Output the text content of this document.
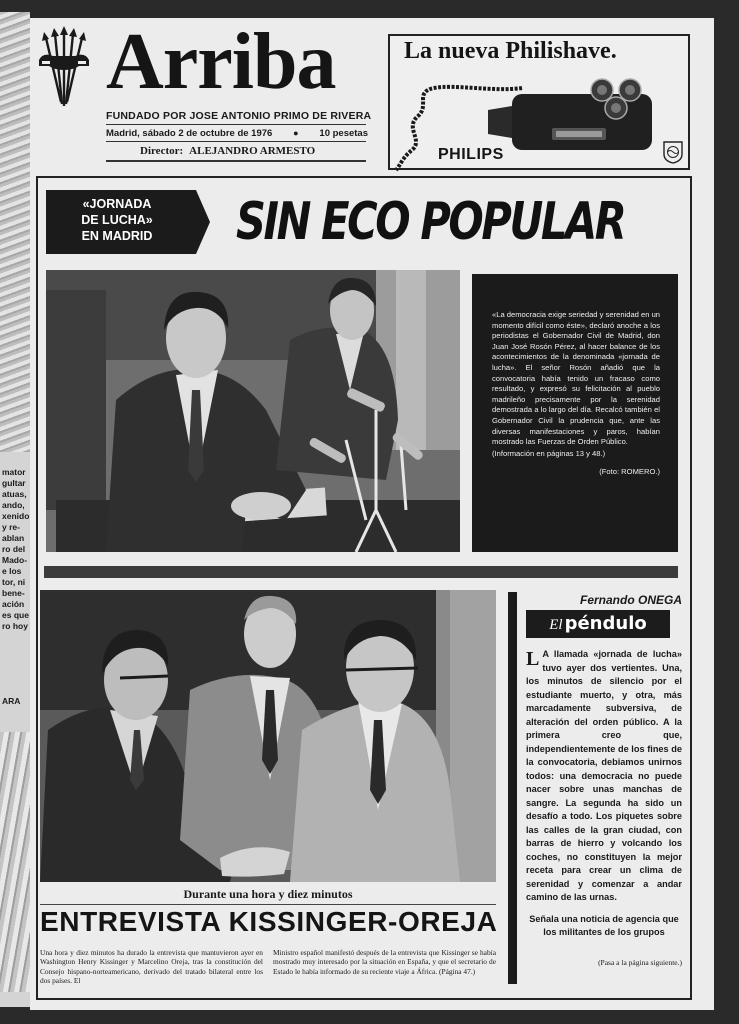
mator
gultar
atuas,
ando,
xenido
y re-
ablan
ro del
Mado-
e los
tor, ni
bene-
ación
es que
ro hoy
ARA
Arriba
FUNDADO POR JOSE ANTONIO PRIMO DE RIVERA
Madrid, sábado 2 de octubre de 1976 ● 10 pesetas
Director: ALEJANDRO ARMESTO
La nueva Philishave.
PHILIPS
«JORNADA
DE LUCHA»
EN MADRID	SIN ECO POPULAR
«La democracia exige seriedad y serenidad en un momento difícil como éste», declaró anoche a los periodistas el Gobernador Civil de Madrid, don Juan José Rosón Pérez, al hacer balance de los acontecimientos de la denominada «jornada de lucha». El señor Rosón añadió que la convocatoria había tenido un fracaso como resultado, y expresó su felicitación al pueblo madrileño precisamente por la serenidad demostrada a lo largo del día. Recalcó también el Gobernador Civil la prudencia que, ante las diversas manifestaciones y paros, habían mostrado las Fuerzas de Orden Público.
(Información en páginas 13 y 48.)
(Foto: ROMERO.)
Durante una hora y diez minutos
ENTREVISTA KISSINGER-OREJA
Una hora y diez minutos ha durado la entrevista que mantuvieron ayer en Washington Henry Kissinger y Marcelino Oreja, tras la constitución del Consejo hispano-norteamericano, derivado del tratado bilateral entre los dos países. El
Ministro español manifestó después de la entrevista que Kissinger se había mostrado muy interesado por la situación en España, y que el secretario de Estado le había informado de su reciente viaje a África. (Página 47.)
Fernando ONEGA
El péndulo
L A llamada «jornada de lucha» tuvo ayer dos vertientes. Una, los minutos de silencio por el estudiante muerto, y otra, más marcadamente subversiva, de alteración del orden público. A la primera creo que, independientemente de los fines de la convocatoria, debiamos unirnos todos: una democracia no puede nacer sobre unas manchas de sangre. La segunda ha sido un desafío a todo. Los piquetes sobre las calles de la gran ciudad, con barras de hierro y volcando los coches, no constituyen la mejor receta para crear un clima de serenidad y comenzar a andar camino de las urnas.
Señala una noticia de agencia que los militantes de los grupos
(Pasa a la página siguiente.)
